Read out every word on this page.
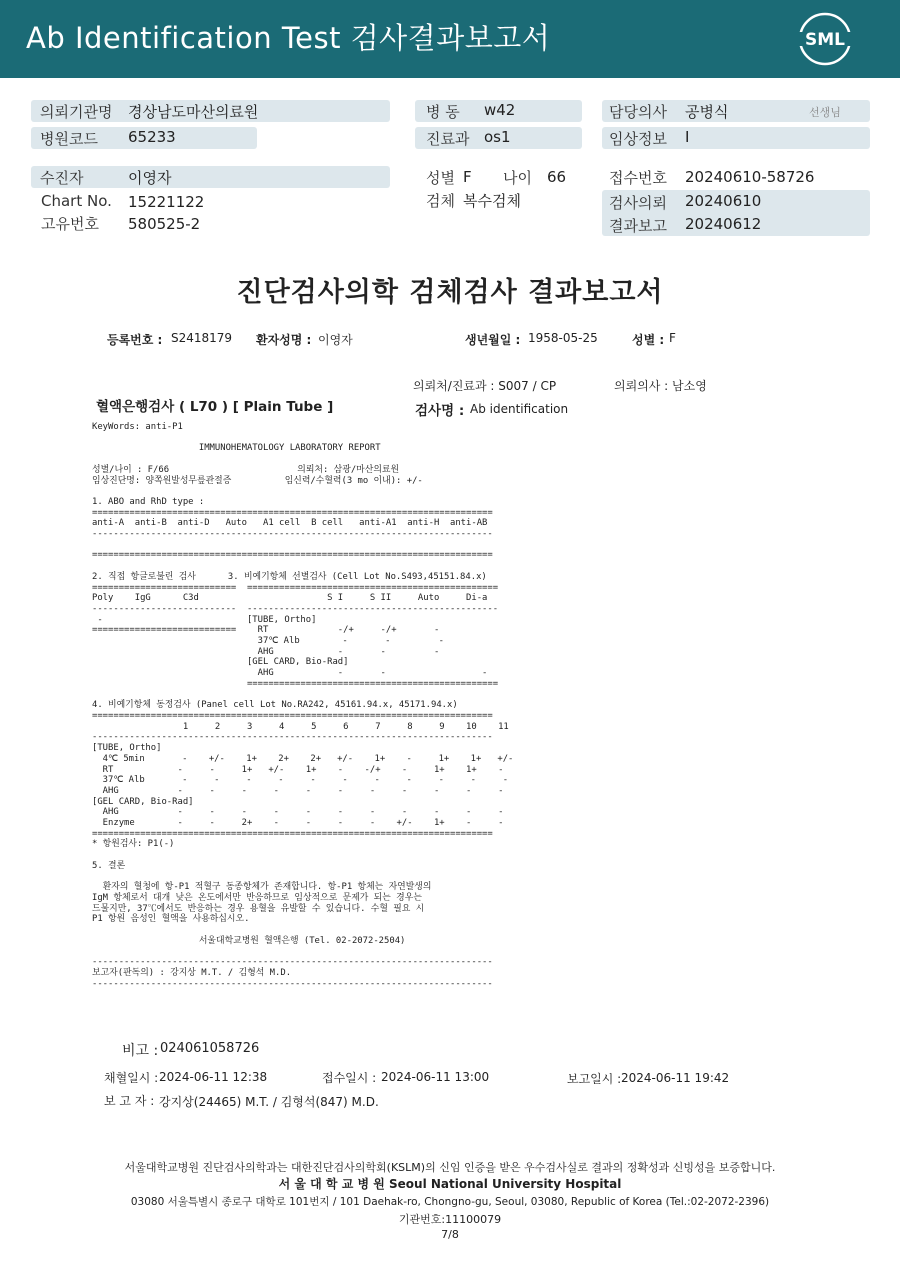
Ab Identification Test 검사결과보고서	SML
의뢰기관명 경상남도마산의료원	병 동 w42	담당의사 공병식	선생님
병원코드 65233	진료과 os1	임상정보 I
수진자	이영자
Chart No. 15221122
고유번호 580525-2
성별 F 나이 66
검체 복수검체
접수번호 20240610-58726
검사의뢰 20240610
결과보고 20240612
진단검사의학 검체검사 결과보고서
등록번호 : S2418179 환자성명 : 이영자	생년월일 : 1958-05-25	성별 : F
의뢰처/진료과 : S007 / CP	의뢰의사 : 남소영
혈액은행검사 ( L70 ) [ Plain Tube ]	검사명 : Ab identification
KeyWords: anti-P1

IMMUNOHEMATOLOGY LABORATORY REPORT

성별/나이 : F/66                        의뢰처: 삼광/마산의료원
임상진단명: 양쪽원발성무릎관절증          임신력/수혈력(3 mo 이내): +/-

1. ABO and RhD type :
===========================================================================
anti-A  anti-B  anti-D   Auto   A1 cell  B cell   anti-A1  anti-H  anti-AB
---------------------------------------------------------------------------

===========================================================================

2. 직접 항글로불린 검사      3. 비예기항체 선별검사 (Cell Lot No.S493,45151.84.x)
===========================  ===============================================
Poly    IgG      C3d                        S I     S II     Auto     Di-a
---------------------------  -----------------------------------------------
-                           [TUBE, Ortho]
===========================    RT             -/+     -/+       -
37℃ Alb        -       -         -
AHG            -       -         -
[GEL CARD, Bio-Rad]
AHG            -       -                  -
===============================================

4. 비예기항체 동정검사 (Panel cell Lot No.RA242, 45161.94.x, 45171.94.x)
===========================================================================
1     2     3     4     5     6     7     8     9    10    11
---------------------------------------------------------------------------
[TUBE, Ortho]
4℃ 5min       -    +/-    1+    2+    2+   +/-    1+    -     1+    1+   +/-
RT            -     -     1+   +/-    1+    -    -/+    -     1+    1+    -
37℃ Alb       -     -     -     -     -     -     -     -     -     -     -
AHG           -     -     -     -     -     -     -     -     -     -     -
[GEL CARD, Bio-Rad]
AHG           -     -     -     -     -     -     -     -     -     -     -
Enzyme        -     -     2+    -     -     -     -    +/-    1+    -     -
===========================================================================
* 항원검사: P1(-)

5. 결론

환자의 혈청에 항-P1 적혈구 동종항체가 존재합니다. 항-P1 항체는 자연발생의
IgM 항체로서 대개 낮은 온도에서만 반응하므로 임상적으로 문제가 되는 경우는
드물지만, 37℃에서도 반응하는 경우 용혈을 유발할 수 있습니다. 수혈 필요 시
P1 항원 음성인 혈액을 사용하십시오.

서울대학교병원 혈액은행 (Tel. 02-2072-2504)

---------------------------------------------------------------------------
보고자(판독의) : 강지상 M.T. / 김형석 M.D.
---------------------------------------------------------------------------
비고 : 024061058726
채혈일시 : 2024-06-11 12:38	접수일시 : 2024-06-11 13:00	보고일시 : 2024-06-11 19:42
보 고 자 : 강지상(24465) M.T. / 김형석(847) M.D.
서울대학교병원 진단검사의학과는 대한진단검사의학회(KSLM)의 신임 인증을 받은 우수검사실로 결과의 정확성과 신빙성을 보증합니다.
서 울 대 학 교 병 원 Seoul National University Hospital
03080 서울특별시 종로구 대학로 101번지 / 101 Daehak-ro, Chongno-gu, Seoul, 03080, Republic of Korea (Tel.:02-2072-2396)
기관번호:11100079
7/8
